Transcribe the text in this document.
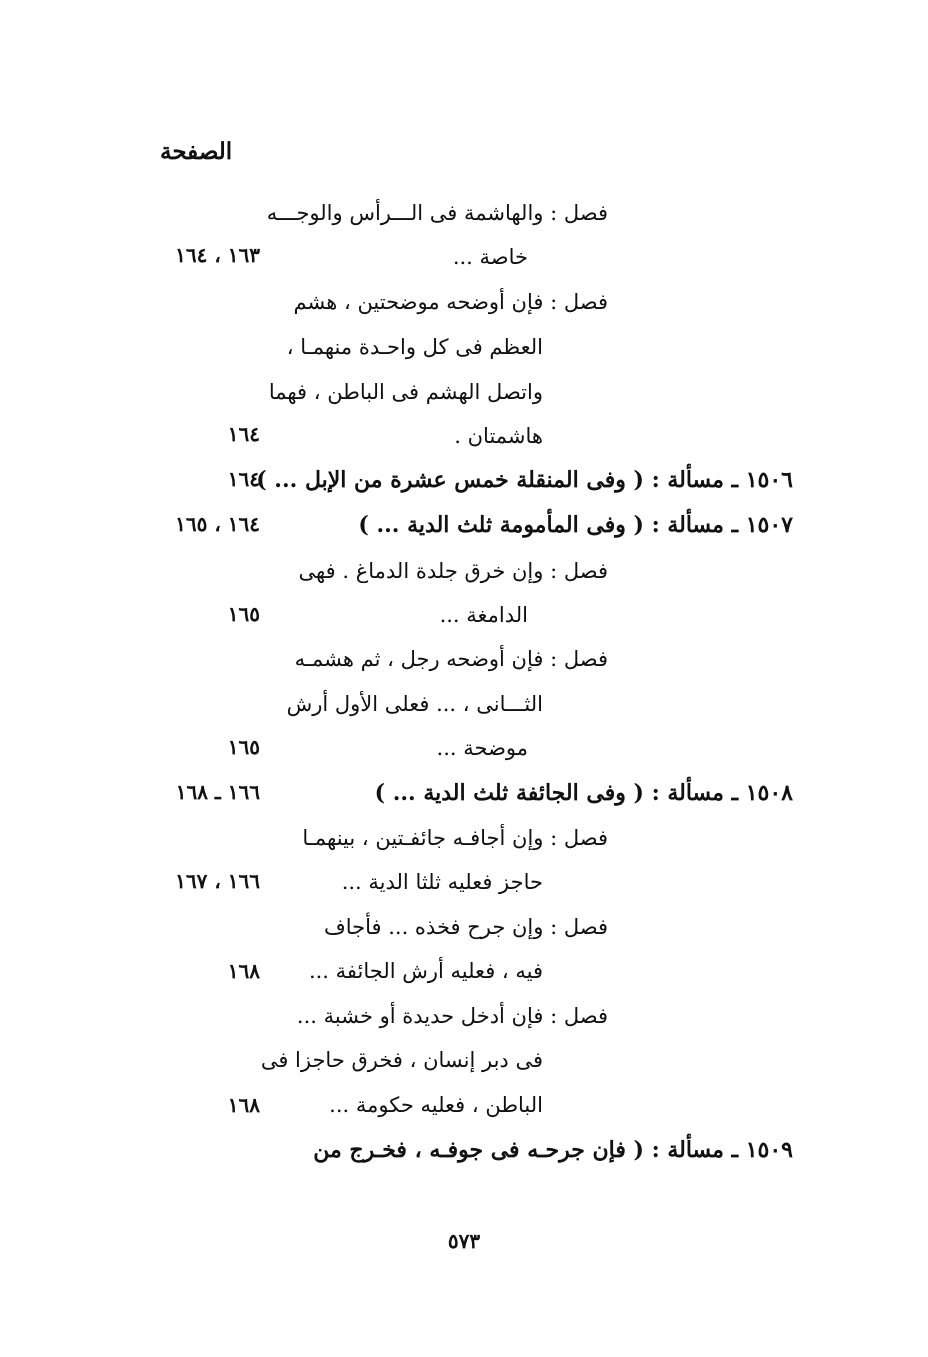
الصفحة
فصل : والهاشمة فى الـــرأس والوجـــه
خاصة ...
١٦٣ ، ١٦٤
فصل : فإن أوضحه موضحتين ، هشم
العظم فى كل واحـدة منهمـا ،
واتصل الهشم فى الباطن ، فهما
هاشمتان .
١٦٤
١٥٠٦ ـ مسألة : ( وفى المنقلة خمس عشرة من الإبل ... )
١٦٤
١٥٠٧ ـ مسألة : ( وفى المأمومة ثلث الدية ... )
١٦٤ ، ١٦٥
فصل : وإن خرق جلدة الدماغ . فهى
الدامغة ...
١٦٥
فصل : فإن أوضحه رجل ، ثم هشمـه
الثـــانى ، ... فعلى الأول أرش
موضحة ...
١٦٥
١٥٠٨ ـ مسألة : ( وفى الجائفة ثلث الدية ... )
١٦٦ ـ ١٦٨
فصل : وإن أجافـه جائفـتين ، بينهمـا
حاجز فعليه ثلثا الدية ...
١٦٦ ، ١٦٧
فصل : وإن جرح فخذه ... فأجاف
فيه ، فعليه أرش الجائفة ...
١٦٨
فصل : فإن أدخل حديدة أو خشبة ...
فى دبر إنسان ، فخرق حاجزا فى
الباطن ، فعليه حكومة ...
١٦٨
١٥٠٩ ـ مسألة : ( فإن جرحـه فى جوفـه ، فخـرج من
٥٧٣
